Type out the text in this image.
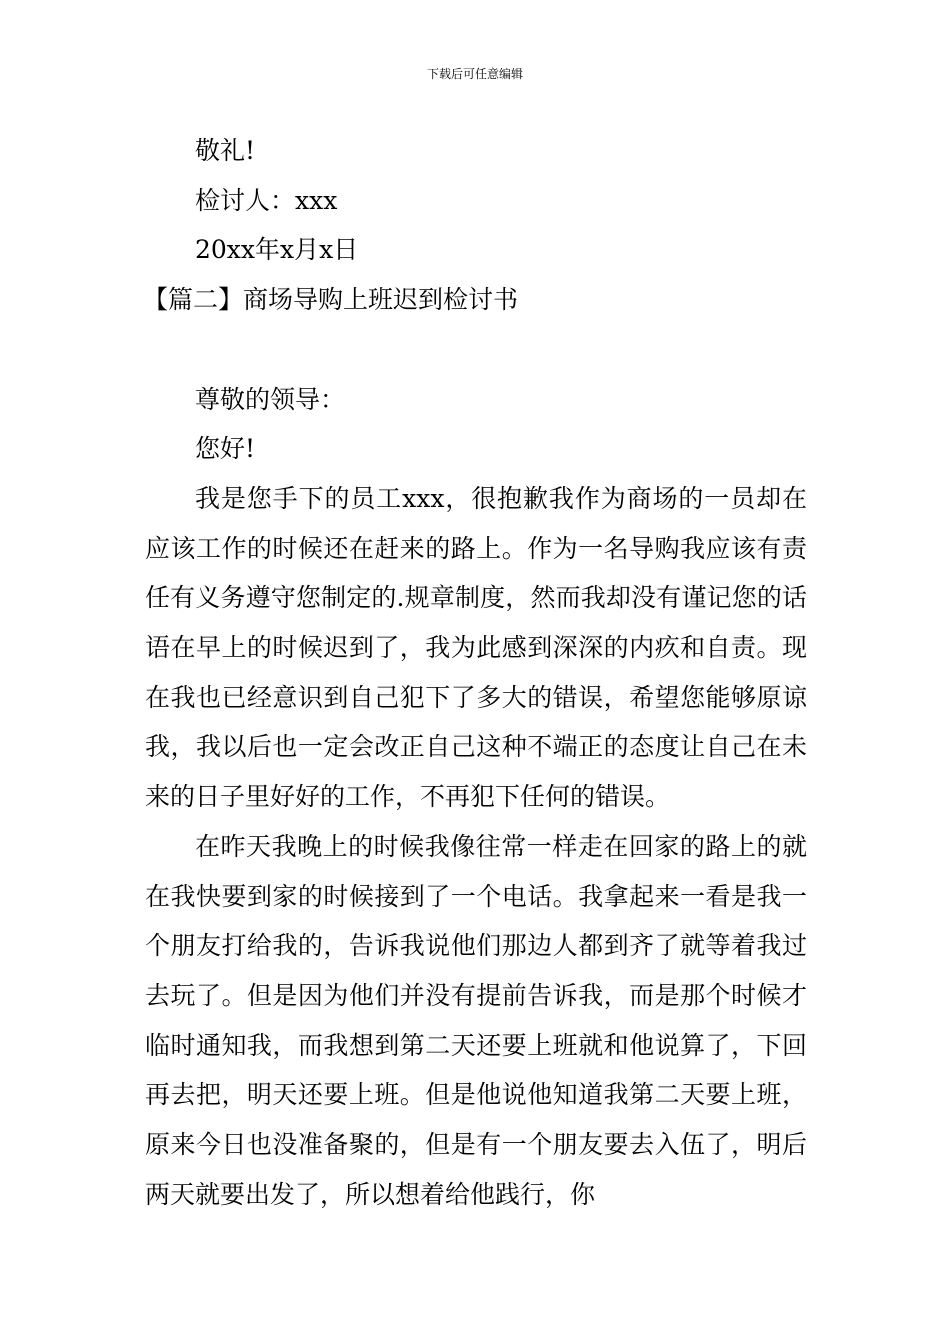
下载后可任意编辑
敬礼!
检讨人：xxx
20xx年x月x日
【篇二】商场导购上班迟到检讨书
尊敬的领导：
您好!

我是您手下的员工xxx，很抱歉我作为商场的一员却在应该工作的时候还在赶来的路上。作为一名导购我应该有责任有义务遵守您制定的.规章制度，然而我却没有谨记您的话语在早上的时候迟到了，我为此感到深深的内疚和自责。现在我也已经意识到自己犯下了多大的错误，希望您能够原谅我，我以后也一定会改正自己这种不端正的态度让自己在未来的日子里好好的工作，不再犯下任何的错误。

在昨天我晚上的时候我像往常一样走在回家的路上的就在我快要到家的时候接到了一个电话。我拿起来一看是我一个朋友打给我的，告诉我说他们那边人都到齐了就等着我过去玩了。但是因为他们并没有提前告诉我，而是那个时候才临时通知我，而我想到第二天还要上班就和他说算了，下回再去把，明天还要上班。但是他说他知道我第二天要上班，原来今日也没准备聚的，但是有一个朋友要去入伍了，明后两天就要出发了，所以想着给他践行，你
